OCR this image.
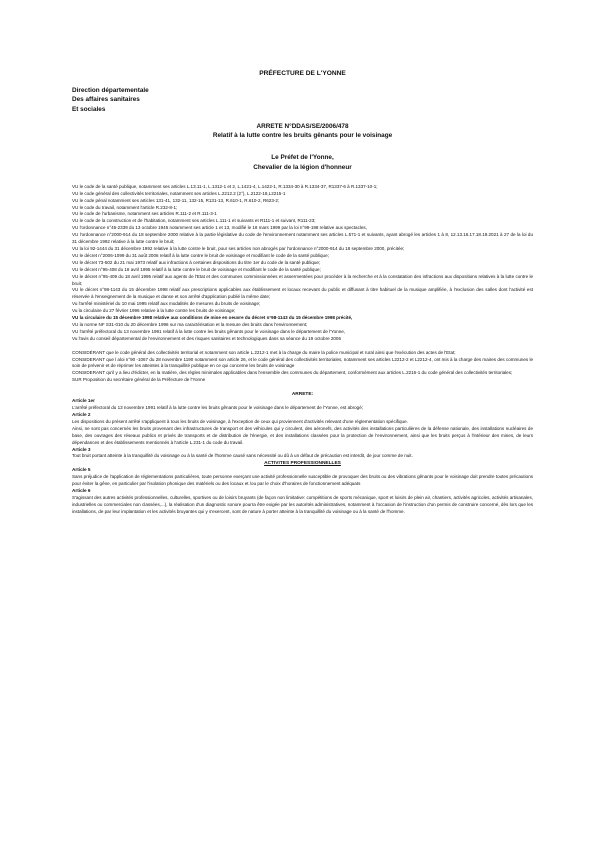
PRÉFECTURE DE L'YONNE

Direction départementale
Des affaires sanitaires
Et sociales
ARRETE N°DDAS/SE/2006/478
Relatif à la lutte contre les bruits gênants pour le voisinage
Le Préfet de l'Yonne,
Chevalier de la légion d'honneur

VU le code de la santé publique, notamment ses articles L.13.11-1, L.1312-1 et 2, L.1421-4, L.1422-1, R.1334-30 à R.1334-37, R1337-6 à R.1337-10-1;

VU le code général des collectivités territoriales, notamment ses articles L.2212.2 (2°), L.2122-18,L2215-1

VU le code pénal notamment ses articles 131-41, 132-11, 132-15, R131-13, R.610-1, R.610-2, R623-2;

VU le code du travail, notamment l'article R.232-8-1;

VU le code de l'urbanisme, notamment ses articles R.111-2 et R.111-3-1

VU le code de la construction et de l'habitation, notamment ses articles L.111-1 et suivants et R111-1 et suivant, R111-23;

VU l'ordonnance n°45-2339 du 13 octobre 1945 notamment ses article 1 et 13, modifié le 18 mars 1999 par la loi n°99-198 relative aux spectacles,

VU l'ordonnance n°2000-914 du 18 septembre 2000 relative à la partie législative du code de l'environnement notamment ses articles L.571-1 et suivants, ayant abrogé les articles 1 à 8, 12.13.16.17.18.19.2021 à 27 de la loi du 31 décembre 1992 relative à la lutte contre le bruit;

VU la loi 92-1444 du 31 décembre 1992 relative à la lutte contre le bruit, pour ses articles non abrogés par l'ordonnance n°2000-914 du 18 septembre 2000, précitée;

VU le décret n°2006-1099 du 31 août 2006 relatif à la lutte contre le bruit de voisinage et modifiant le code de la santé publique;

VU le décret 73-502 du 21 mai 1973 relatif aux infractions à certaines dispositions du titre 1er du code de la santé publique;

VU le décret n°95-408 du 18 avril 1995 relatif à la lutte contre le bruit de voisinage et modifiant le code de la santé publique;

VU le décret n°95-409 du 18 avril 1995 relatif aux agents de l'Etat et des communes commissionnées et assermentées pour procéder à la recherche et à la constatation des infractions aux dispositions relatives à la lutte contre le bruit;

VU le décret n°98-1143 du 15 décembre 1998 relatif aux prescriptions applicables aux établissement et locaux recevant du public et diffusant à titre habituel de la musique amplifiée, à l'exclusion des salles dont l'activité est réservée à l'enseignement de la musique et danse et son arrêté d'application publié la même date;

Vu l'arrêté ministériel du 10 mai 1995 relatif aux modalités de mesures du bruits de voisinage;

Vu la circulaire du 27 février 1996 relative à la lutte contre les bruits de voisinage;

VU la circulaire du 15 décembre 1998 relative aux conditions de mise en oeuvre du décret n°98-1143 du 15 décembre 1998 précité,

VU la norme NF S31-010 du 20 décembre 1996 sur ma caractérisation et la mesure des bruits dans l'environnement;

VU l'arrêté préfectoral du 13 novembre 1991 relatif à la lutte contre les bruits gênants pour le voisinage dans le département de l'Yonne,

Vu l'avis du conseil départemental de l'environnement et des risques sanitaires et technologiques dans sa séance du 19 octobre 2006

CONSIDÉRANT que le code général des collectivités territorial et notamment son article L.2212-1 met à la charge du maire la police municipal et rural ainsi que l'exécution des actes de l'Etat;

CONSIDERANT que l aloi n°90 -1067 du 28 novembre 1190 notamment son article 26, et le code général des collectivités territoriales, notamment ses articles L2212-2 et L2212-4, ont mis à la charge des maires des communes le soin de prévenir et de réprimer les atteintes à la tranquillité publique en ce qui concerne les bruits de voisinage

CONSIDERANT qu'il y a lieu d'édicter, en la matière, des règles minimales applicables dans l'ensemble des communes du département, conformément aux articles L.2215-1 du code général des collectivités territoriales;

SUR Proposition du secrétaire général de la Préfecture de l'Yonne

ARRETE:

Article 1er

L'arrêté préfectoral du 13 novembre 1991 relatif à la lutte contre les bruits gênants pour le voisinage dans le département de l'Yonne, est abrogé;

Article 2

Les dispositions du présent arrêté s'appliquent à tous les bruits de voisinage, à l'exception de ceux qui proviennent d'activités relevant d'une réglementation spécifique.

Ainsi, ne sont pas concernés les bruits provenant des infrastructures de transport et des véhicules qui y circulent, des aéronefs, des activités des installations particulières de la défense nationale, des installations nucléaires de base, des ouvrages des réseaux publics et privés de transports et de distribution de l'énergie, et des installations classées pour la protection de l'environnement, ainsi que les bruits perçus à l'intérieur des mines, de leurs dépendances et des établissements mentionnés à l'article L.231-1 du code du travail.

Article 3

Tout bruit portant atteinte à la tranquillité du voisinage ou à la santé de l'homme causé sans nécessité ou dû à un défaut de précaution est interdit, de jour comme de nuit.

ACTIVITES PROFESSIONNELLES

Article 5

Sans préjudice de l'application de réglementations particulières, toute personne exerçant une activité professionnelle susceptible de provoquer des bruits ou des vibrations gênants pour le voisinage doit prendre toutes précautions pour éviter la gêne, en particulier par l'isolation phonique des matériels ou des locaux et /ou par le choix d'horaires de fonctionnement adéquats

Article 6

S'agissant des autres activités professionnelles, culturelles, sportives ou de loisirs bruyants (de façon non limitative: compétitions de sports mécanique, sport et loisirs de plein air, chantiers, activités agricoles, activités artisanales, industrielles ou commerciales non classées,...), la réalisation d'un diagnostic sonore pourra être exigée par les autorités administratives, notamment à l'occasion de l'instruction d'un permis de construire concerné, dès lors que les installations, de par leur implantation et les activités bruyantes qui y s'exercent, sont de nature à porter atteinte à la tranquillité du voisinage ou à la santé de l'homme.
